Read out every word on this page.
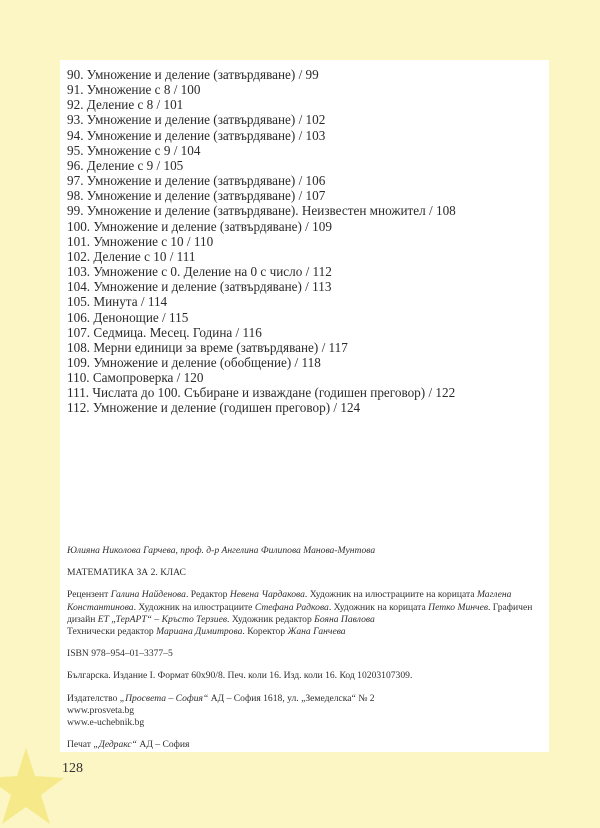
90. Умножение и деление (затвърдяване) / 99
91. Умножение с 8 / 100
92. Деление с 8 / 101
93. Умножение и деление (затвърдяване) / 102
94. Умножение и деление (затвърдяване) / 103
95. Умножение с 9 / 104
96. Деление с 9 / 105
97. Умножение и деление (затвърдяване) / 106
98. Умножение и деление (затвърдяване) / 107
99. Умножение и деление (затвърдяване). Неизвестен множител / 108
100. Умножение и деление (затвърдяване) / 109
101. Умножение с 10 / 110
102. Деление с 10 / 111
103. Умножение с 0. Деление на 0 с число / 112
104. Умножение и деление (затвърдяване) / 113
105. Минута / 114
106. Денонощие / 115
107. Седмица. Месец. Година / 116
108. Мерни единици за време (затвърдяване) / 117
109. Умножение и деление (обобщение) / 118
110. Самопроверка / 120
111. Числата до 100. Събиране и изваждане (годишен преговор) / 122
112. Умножение и деление (годишен преговор) / 124

Юлияна Николова Гарчева, проф. д-р Ангелина Филипова Манова-Мунтова

МАТЕМАТИКА ЗА 2. КЛАС

Рецензент Галина Найденова. Редактор Невена Чардакова. Художник на илюстрациите на корицата Маглена Константинова. Художник на илюстрациите Стефана Радкова. Художник на корицата Петко Минчев. Графичен дизайн ЕТ „ТерАРТ“ – Кръсто Терзиев. Художник редактор Бояна Павлова
Технически редактор Мариана Димитрова. Коректор Жана Ганчева

ISBN 978–954–01–3377–5

Българска. Издание I. Формат 60х90/8. Печ. коли 16. Изд. коли 16. Код 10203107309.

Издателство „Просвета – София“ АД – София 1618, ул. „Земеделска“ № 2
www.prosveta.bg
www.e-uchebnik.bg

Печат „Дедракс“ АД – София

128
